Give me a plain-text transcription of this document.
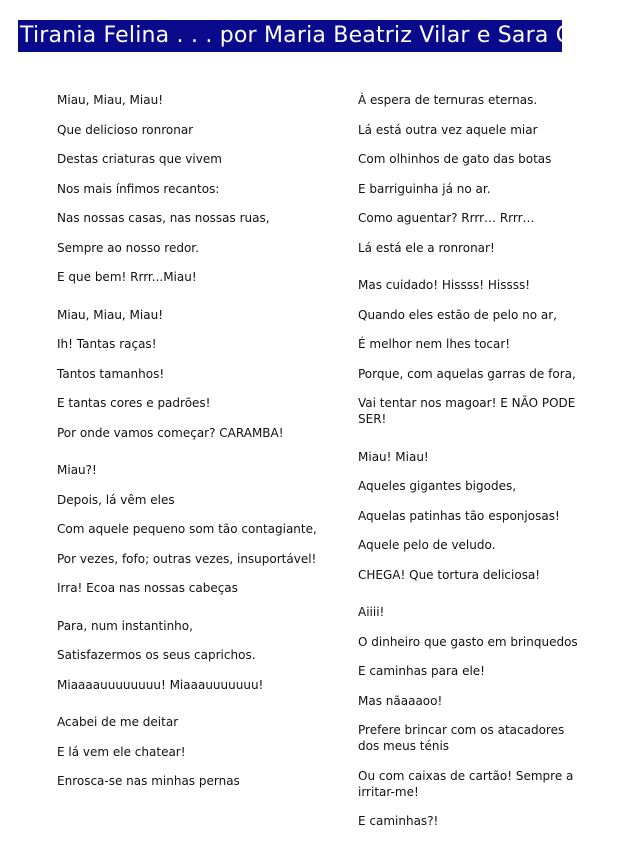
Tirania Felina . . . por Maria Beatriz Vilar e Sara Oliveir
Miau, Miau, Miau!
Que delicioso ronronar
Destas criaturas que vivem
Nos mais ínfimos recantos:
Nas nossas casas, nas nossas ruas,
Sempre ao nosso redor.
E que bem! Rrrr...Miau!
Miau, Miau, Miau!
Ih! Tantas raças!
Tantos tamanhos!
E tantas cores e padrões!
Por onde vamos começar? CARAMBA!
Miau?!
Depois, lá vêm eles
Com aquele pequeno som tão contagiante,
Por vezes, fofo; outras vezes, insuportável!
Irra! Ecoa nas nossas cabeças
Para, num instantinho,
Satisfazermos os seus caprichos.
Miaaaauuuuuuuu! Miaaauuuuuuu!
Acabei de me deitar
E lá vem ele chatear!
Enrosca-se nas minhas pernas
À espera de ternuras eternas.
Lá está outra vez aquele miar
Com olhinhos de gato das botas
E barriguinha já no ar.
Como aguentar? Rrrr… Rrrr…
Lá está ele a ronronar!
Mas cuidado! Hissss! Hissss!
Quando eles estão de pelo no ar,
É melhor nem lhes tocar!
Porque, com aquelas garras de fora,
Vai tentar nos magoar! E NÃO PODE SER!
Miau! Miau!
Aqueles gigantes bigodes,
Aquelas patinhas tão esponjosas!
Aquele pelo de veludo.
CHEGA! Que tortura deliciosa!
Aiiii!
O dinheiro que gasto em brinquedos
E caminhas para ele!
Mas nãaaaoo!
Prefere brincar com os atacadores dos meus ténis
Ou com caixas de cartão! Sempre a irritar-me!
E caminhas?!
